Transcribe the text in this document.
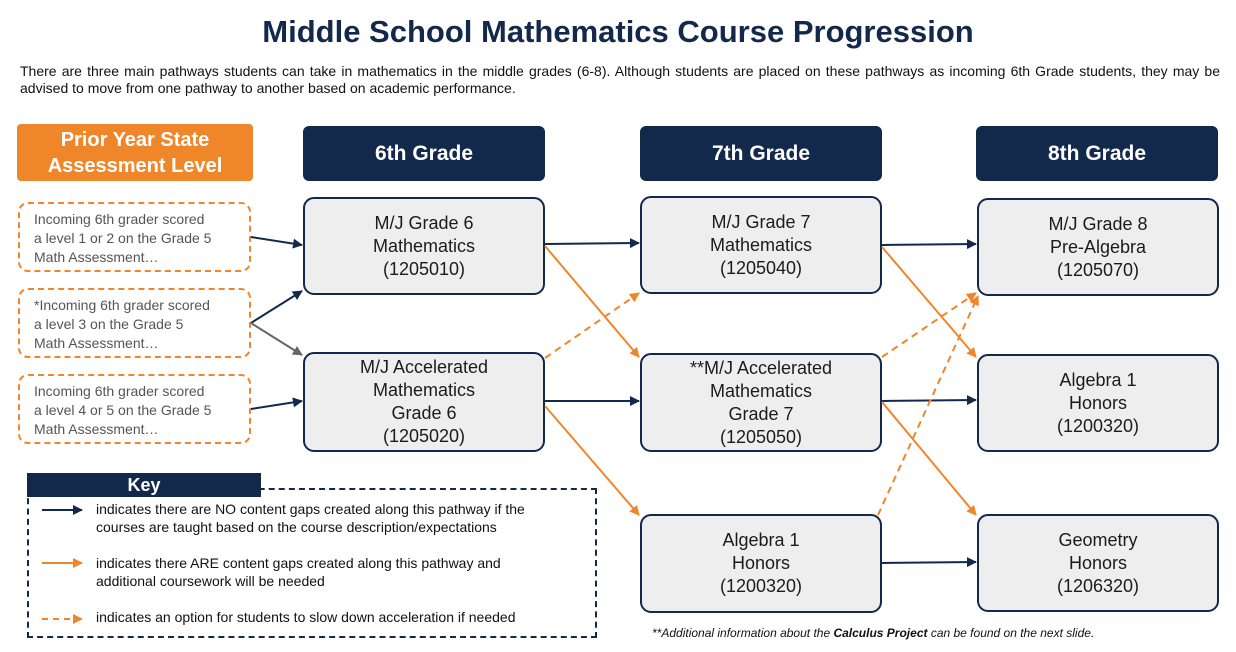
Middle School Mathematics Course Progression
There are three main pathways students can take in mathematics in the middle grades (6-8). Although students are placed on these pathways as incoming 6th Grade students, they may be advised to move from one pathway to another based on academic performance.
Prior Year State
Assessment Level
6th Grade	7th Grade	8th Grade
Incoming 6th grader scored
a level 1 or 2 on the Grade 5
Math Assessment…
*Incoming 6th grader scored
a level 3 on the Grade 5
Math Assessment…
Incoming 6th grader scored
a level 4 or 5 on the Grade 5
Math Assessment…
M/J Grade 6
Mathematics
(1205010)
M/J Accelerated
Mathematics
Grade 6
(1205020)
M/J Grade 7
Mathematics
(1205040)
**M/J Accelerated
Mathematics
Grade 7
(1205050)
Algebra 1
Honors
(1200320)
M/J Grade 8
Pre-Algebra
(1205070)
Algebra 1
Honors
(1200320)
Geometry
Honors
(1206320)
Key
indicates there are NO content gaps created along this pathway if the
courses are taught based on the course description/expectations
indicates there ARE content gaps created along this pathway and
additional coursework will be needed
indicates an option for students to slow down acceleration if needed
**Additional information about the Calculus Project can be found on the next slide.
